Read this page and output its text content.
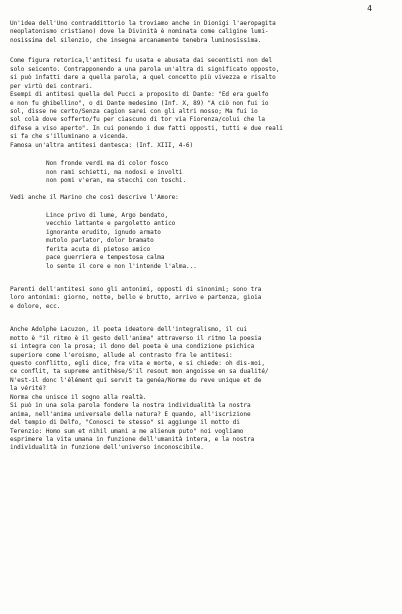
4
Un'idea dell'Uno contraddittorio la troviamo anche in Dionigi l'aeropagita
neoplatonismo cristiano) dove la Divinità è nominata come caligine lumi-
nosissima del silenzio, che insegna arcanamente tenebra luminosissima.
Come figura retorica,l'antitesi fu usata e abusata dai secentisti non del
solo seicento. Contrapponendo a una parola un'altra di significato opposto,
si può infatti dare a quella parola, a quel concetto più vivezza e risalto
per virtù dei contrari.
Esempi di antitesi quella del Pucci a proposito di Dante: "Ed era guelfo
e non fu ghibellino", o di Dante medesimo (Inf. X, 89) "A ciò non fui io
sol, disse ne certo/Senza cagion sarei con gli altri mosso; Ma fui io
sol colà dove sofferto/fu per ciascuno di tor via Fiorenza/colui che la
difese a viso aperto". In cui ponendo i due fatti opposti, tutti e due reali
si fa che s'illuminano a vicenda.
Famosa un'altra antitesi dantesca: (Inf. XIII, 4-6)
Non fronde verdi ma di color fosco
non rami schietti, ma nodosi e involti
non pomi v'eran, ma stecchi con toschi.
Vedi anche il Marino che così descrive l'Amore:
Lince privo di lume, Argo bendato,
vecchio lattante e pargoletto antico
ignorante erudito, ignudo armato
mutolo parlator, dolor bramato
ferita acuta di pietoso amico
pace guerriera e tempestosa calma
lo sente il core e non l'intende l'alma...
Parenti dell'antitesi sono gli antonimi, opposti di sinonimi; sono tra
loro antonimi: giorno, notte, bello e brutto, arrivo e partenza, gioia
e dolore, ecc.
Anche Adolphe Lacuzon, il poeta ideatore dell'integralismo, il cui
motto è "il ritmo è il gesto dell'anima" attraverso il ritmo la poesia
si integra con la prosa; il dono del poeta è una condizione psichica
superiore come l'eroismo, allude al contrasto fra le antitesi:
questo conflitto, egli dice, fra vita e morte, e si chiede: oh dis-moi,
ce conflit, ta supreme antithèse/S'il resout mon angoisse en sa dualité/
N'est-il donc l'élément qui servit ta genéa/Norme du reve unique et de
la vérité?
Norma che unisce il sogno alla realtà.
Si può in una sola parola fondere la nostra individualità la nostra
anima, nell'anima universale della natura? E quando, all'iscrizione
del tempio di Delfo, "Conosci te stesso" si aggiunge il motto di
Terenzio: Homo sum et nihil umani a me alienum puto" noi vogliamo
esprimere la vita umana in funzione dell'umanità intera, e la nostra
individualità in funzione dell'universo inconoscibile.
